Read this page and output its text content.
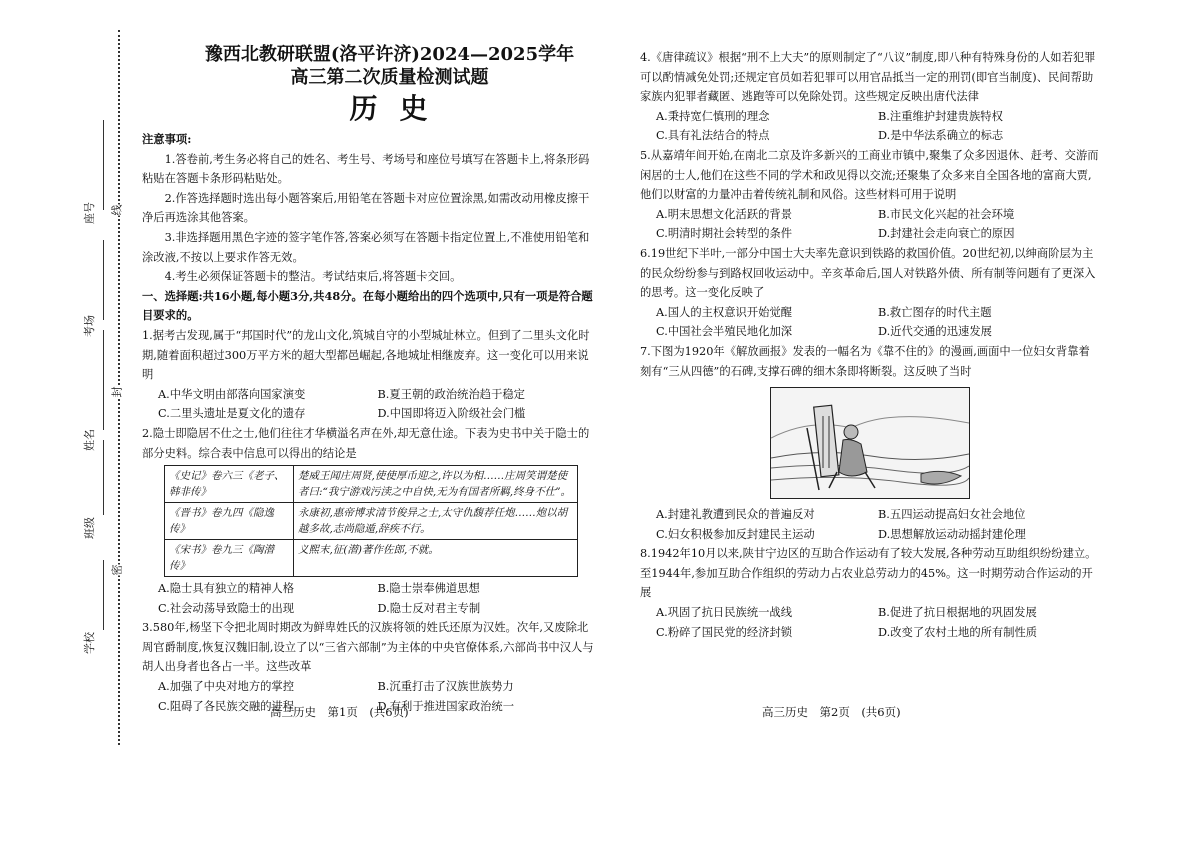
座号	线
考场
封
姓名
班级
密
学校
豫西北教研联盟(洛平许济)2024—2025学年
高三第二次质量检测试题
历史
注意事项:
1.答卷前,考生务必将自己的姓名、考生号、考场号和座位号填写在答题卡上,将条形码粘贴在答题卡条形码粘贴处。
2.作答选择题时选出每小题答案后,用铅笔在答题卡对应位置涂黑,如需改动用橡皮擦干净后再选涂其他答案。
3.非选择题用黑色字迹的签字笔作答,答案必须写在答题卡指定位置上,不准使用铅笔和涂改液,不按以上要求作答无效。
4.考生必须保证答题卡的整洁。考试结束后,将答题卡交回。
一、选择题:共16小题,每小题3分,共48分。在每小题给出的四个选项中,只有一项是符合题目要求的。
1.据考古发现,属于“邦国时代”的龙山文化,筑城自守的小型城址林立。但到了二里头文化时期,随着面积超过300万平方米的超大型都邑崛起,各地城址相继废弃。这一变化可以用来说明
A.中华文明由部落向国家演变	B.夏王朝的政治统治趋于稳定
C.二里头遗址是夏文化的遗存	D.中国即将迈入阶级社会门槛
2.隐士即隐居不仕之士,他们往往才华横溢名声在外,却无意仕途。下表为史书中关于隐士的部分史料。综合表中信息可以得出的结论是
《史记》卷六三《老子、韩非传》	楚威王闻庄周贤,使使厚币迎之,许以为相……庄周笑谓楚使者曰:“我宁游戏污渎之中自快,无为有国者所羁,终身不仕”。
《晋书》卷九四《隐逸传》	永康初,惠帝博求清节俊异之士,太守仇馥荐任炮……炮以胡越多故,志尚隐遁,辞疾不行。
《宋书》卷九三《陶潜传》	义熙末,征(潜)著作佐郎,不就。
A.隐士具有独立的精神人格	B.隐士崇奉佛道思想
C.社会动荡导致隐士的出现	D.隐士反对君主专制
3.580年,杨坚下令把北周时期改为鲜卑姓氏的汉族将领的姓氏还原为汉姓。次年,又废除北周官爵制度,恢复汉魏旧制,设立了以“三省六部制”为主体的中央官僚体系,六部尚书中汉人与胡人出身者也各占一半。这些改革
A.加强了中央对地方的掌控	B.沉重打击了汉族世族势力
C.阻碍了各民族交融的进程	D.有利于推进国家政治统一
高三历史　第1页　(共6页)
4.《唐律疏议》根据“刑不上大夫”的原则制定了“八议”制度,即八种有特殊身份的人如若犯罪可以酌情减免处罚;还规定官员如若犯罪可以用官品抵当一定的刑罚(即官当制度)、民间帮助家族内犯罪者藏匿、逃跑等可以免除处罚。这些规定反映出唐代法律
A.秉持宽仁慎刑的理念	B.注重维护封建贵族特权
C.具有礼法结合的特点	D.是中华法系确立的标志
5.从嘉靖年间开始,在南北二京及许多新兴的工商业市镇中,聚集了众多因退休、赶考、交游而闲居的士人,他们在这些不同的学术和政见得以交流;还聚集了众多来自全国各地的富商大贾,他们以财富的力量冲击着传统礼制和风俗。这些材料可用于说明
A.明末思想文化活跃的背景	B.市民文化兴起的社会环境
C.明清时期社会转型的条件	D.封建社会走向衰亡的原因
6.19世纪下半叶,一部分中国士大夫率先意识到铁路的救国价值。20世纪初,以绅商阶层为主的民众纷纷参与到路权回收运动中。辛亥革命后,国人对铁路外债、所有制等问题有了更深入的思考。这一变化反映了
A.国人的主权意识开始觉醒	B.救亡图存的时代主题
C.中国社会半殖民地化加深	D.近代交通的迅速发展
7.下图为1920年《解放画报》发表的一幅名为《靠不住的》的漫画,画面中一位妇女背靠着刻有“三从四德”的石碑,支撑石碑的细木条即将断裂。这反映了当时
A.封建礼教遭到民众的普遍反对	B.五四运动提高妇女社会地位
C.妇女积极参加反封建民主运动	D.思想解放运动动摇封建伦理
8.1942年10月以来,陕甘宁边区的互助合作运动有了较大发展,各种劳动互助组织纷纷建立。至1944年,参加互助合作组织的劳动力占农业总劳动力的45%。这一时期劳动合作运动的开展
A.巩固了抗日民族统一战线	B.促进了抗日根据地的巩固发展
C.粉碎了国民党的经济封锁	D.改变了农村土地的所有制性质
高三历史　第2页　(共6页)
